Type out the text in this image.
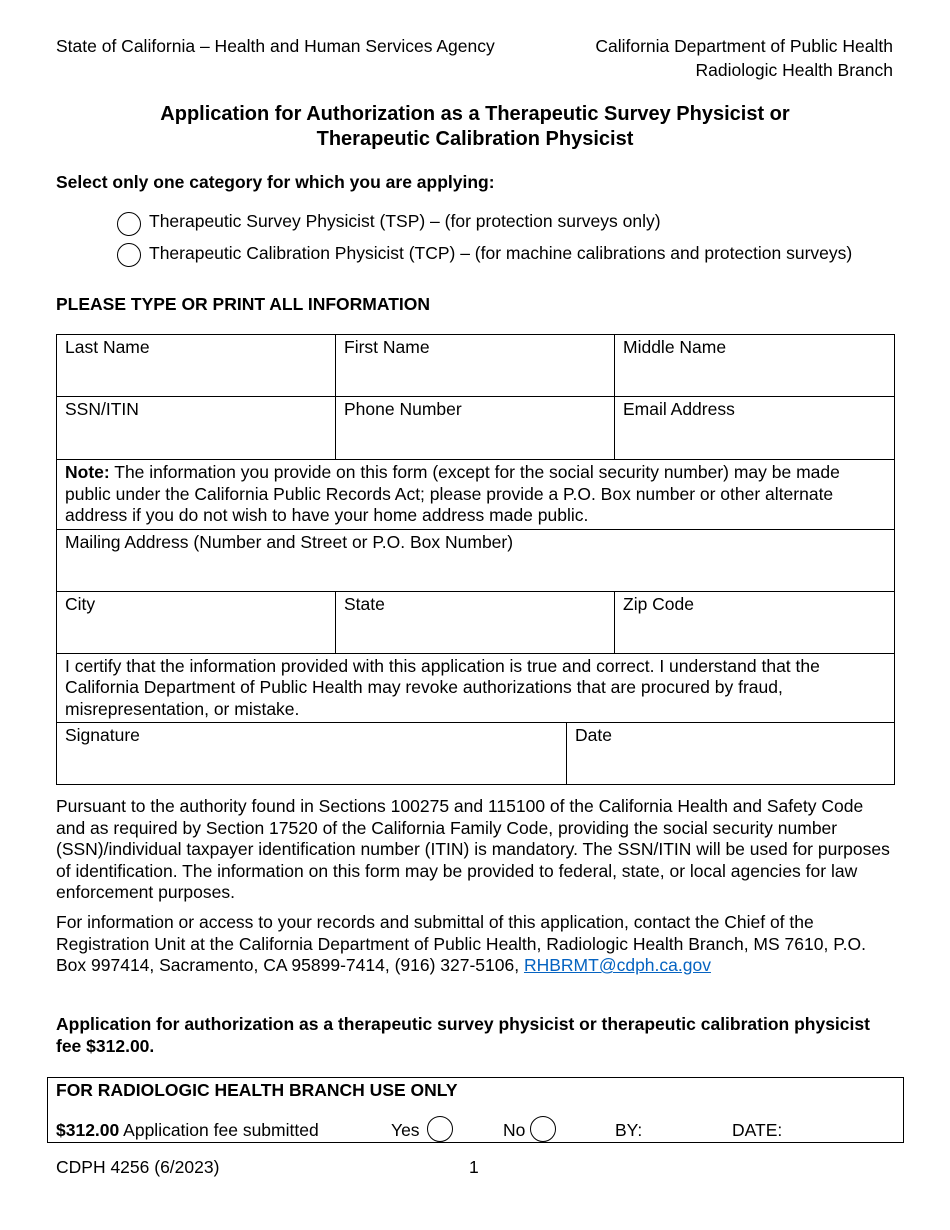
State of California – Health and Human Services Agency	California Department of Public Health
Radiologic Health Branch
Application for Authorization as a Therapeutic Survey Physicist or
Therapeutic Calibration Physicist
Select only one category for which you are applying:
Therapeutic Survey Physicist (TSP) – (for protection surveys only)
Therapeutic Calibration Physicist (TCP) – (for machine calibrations and protection surveys)
PLEASE TYPE OR PRINT ALL INFORMATION
Last Name	First Name		Middle Name
SSN/ITIN	Phone Number		Email Address
Note: The information you provide on this form (except for the social security number) may be made public under the California Public Records Act; please provide a P.O. Box number or other alternate address if you do not wish to have your home address made public.			
Mailing Address (Number and Street or P.O. Box Number)			
City	State		Zip Code
I certify that the information provided with this application is true and correct. I understand that the California Department of Public Health may revoke authorizations that are procured by fraud, misrepresentation, or mistake.			
Signature		Date	
Pursuant to the authority found in Sections 100275 and 115100 of the California Health and Safety Code and as required by Section 17520 of the California Family Code, providing the social security number (SSN)/individual taxpayer identification number (ITIN) is mandatory. The SSN/ITIN will be used for purposes of identification. The information on this form may be provided to federal, state, or local agencies for law enforcement purposes.
For information or access to your records and submittal of this application, contact the Chief of the Registration Unit at the California Department of Public Health, Radiologic Health Branch, MS 7610, P.O. Box 997414, Sacramento, CA 95899-7414, (916) 327-5106, RHBRMT@cdph.ca.gov
Application for authorization as a therapeutic survey physicist or therapeutic calibration physicist fee $312.00.
FOR RADIOLOGIC HEALTH BRANCH USE ONLY
$312.00 Application fee submitted	Yes	No	BY:	DATE:
CDPH 4256 (6/2023)	1
